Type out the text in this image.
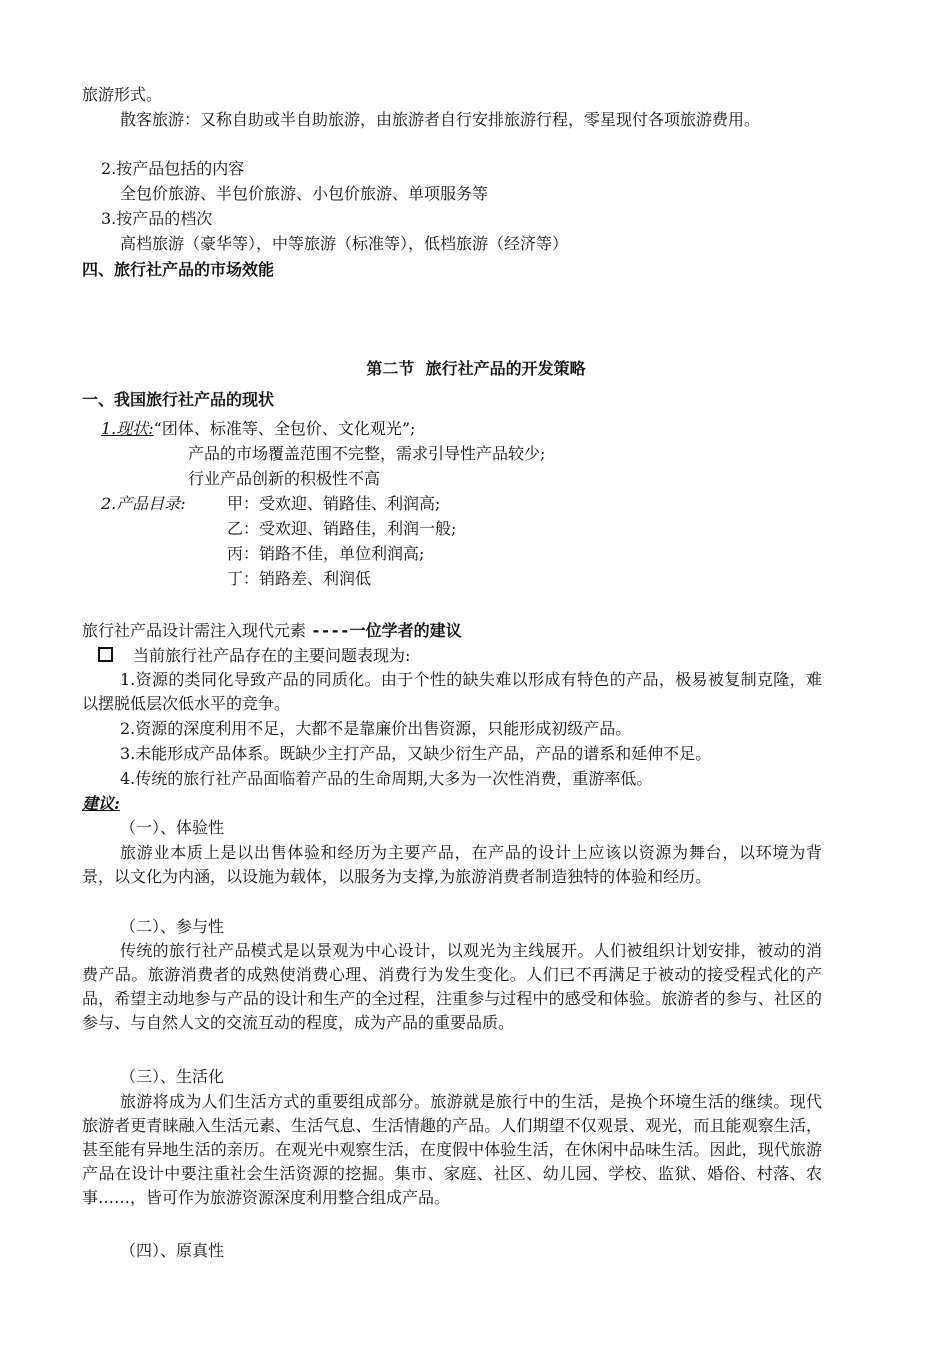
旅游形式。
散客旅游：又称自助或半自助旅游，由旅游者自行安排旅游行程，零星现付各项旅游费用。
2.按产品包括的内容
全包价旅游、半包价旅游、小包价旅游、单项服务等
3.按产品的档次
高档旅游（豪华等），中等旅游（标准等），低档旅游（经济等）
四、旅行社产品的市场效能
第二节  旅行社产品的开发策略
一、我国旅行社产品的现状
1.现状:“团体、标准等、全包价、文化观光”;
产品的市场覆盖范围不完整，需求引导性产品较少;
行业产品创新的积极性不高
2.产品目录:	甲：受欢迎、销路佳、利润高;
乙：受欢迎、销路佳，利润一般;
丙：销路不佳，单位利润高;
丁：销路差、利润低
旅行社产品设计需注入现代元素 ----一位学者的建议
当前旅行社产品存在的主要问题表现为:
1.资源的类同化导致产品的同质化。由于个性的缺失难以形成有特色的产品，极易被复制克隆，难以摆脱低层次低水平的竞争。
2.资源的深度利用不足，大都不是靠廉价出售资源，只能形成初级产品。
3.未能形成产品体系。既缺少主打产品，又缺少衍生产品，产品的谱系和延伸不足。
4.传统的旅行社产品面临着产品的生命周期,大多为一次性消费，重游率低。
建议:
（一）、体验性
旅游业本质上是以出售体验和经历为主要产品，在产品的设计上应该以资源为舞台，以环境为背景，以文化为内涵，以设施为载体，以服务为支撑,为旅游消费者制造独特的体验和经历。
（二）、参与性
传统的旅行社产品模式是以景观为中心设计，以观光为主线展开。人们被组织计划安排，被动的消费产品。旅游消费者的成熟使消费心理、消费行为发生变化。人们已不再满足于被动的接受程式化的产品，希望主动地参与产品的设计和生产的全过程，注重参与过程中的感受和体验。旅游者的参与、社区的参与、与自然人文的交流互动的程度，成为产品的重要品质。
（三）、生活化
旅游将成为人们生活方式的重要组成部分。旅游就是旅行中的生活，是换个环境生活的继续。现代旅游者更青睐融入生活元素、生活气息、生活情趣的产品。人们期望不仅观景、观光，而且能观察生活，甚至能有异地生活的亲历。在观光中观察生活，在度假中体验生活，在休闲中品味生活。因此，现代旅游产品在设计中要注重社会生活资源的挖掘。集市、家庭、社区、幼儿园、学校、监狱、婚俗、村落、农事……，皆可作为旅游资源深度利用整合组成产品。
（四）、原真性
